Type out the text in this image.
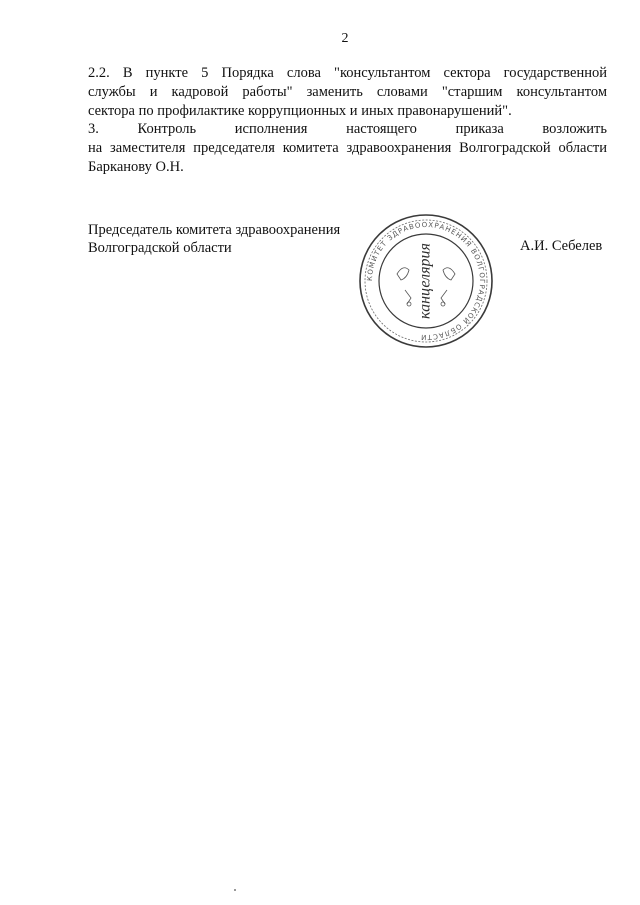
2
2.2. В пункте 5 Порядка слова "консультантом сектора государственной
службы и кадровой работы" заменить словами "старшим консультантом
сектора по профилактике коррупционных и иных правонарушений".
3. Контроль исполнения настоящего приказа возложить
на заместителя председателя комитета здравоохранения Волгоградской области
Барканову О.Н.
Председатель комитета здравоохранения
Волгоградской области
КОМИТЕТ ЗДРАВООХРАНЕНИЯ ВОЛГОГРАДСКОЙ ОБЛАСТИ
канцелярия	А.И. Себелев
